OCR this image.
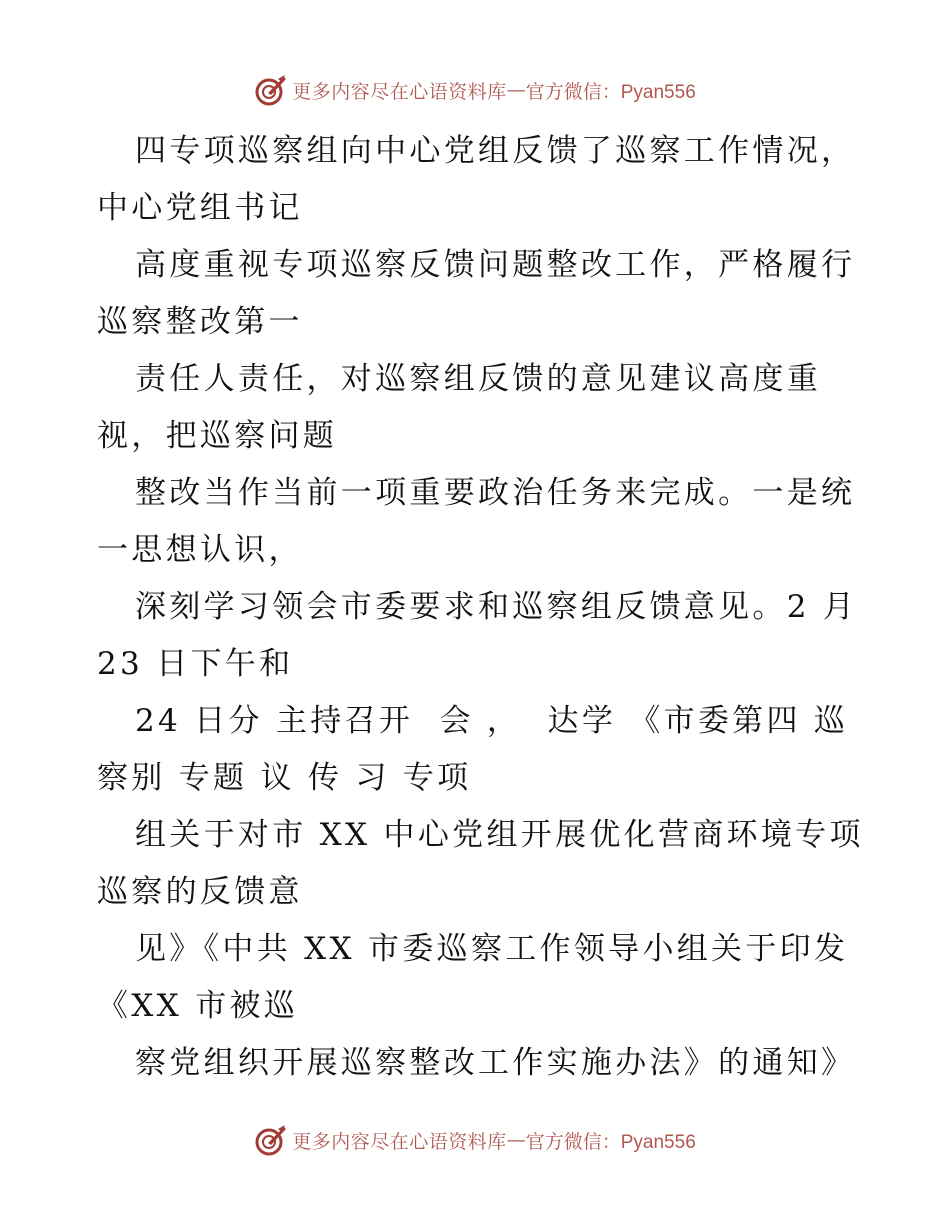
更多内容尽在心语资料库 — 官方微信：Pyan556
四专项巡察组向中心党组反馈了巡察工作情况，
中心党组书记
高度重视专项巡察反馈问题整改工作，严格履行
巡察整改第一
责任人责任，对巡察组反馈的意见建议高度重
视，把巡察问题
整改当作当前一项重要政治任务来完成。一是统
一思想认识，
深刻学习领会市委要求和巡察组反馈意见。2 月
23 日下午和
24 日分 主持召开  会 ，  达学 《市委第四 巡
察别 专题 议 传 习 专项
组关于对市 XX 中心党组开展优化营商环境专项
巡察的反馈意
见》《中共 XX 市委巡察工作领导小组关于印发
《XX 市被巡
察党组织开展巡察整改工作实施办法》的通知》
更多内容尽在心语资料库 — 官方微信：Pyan556
